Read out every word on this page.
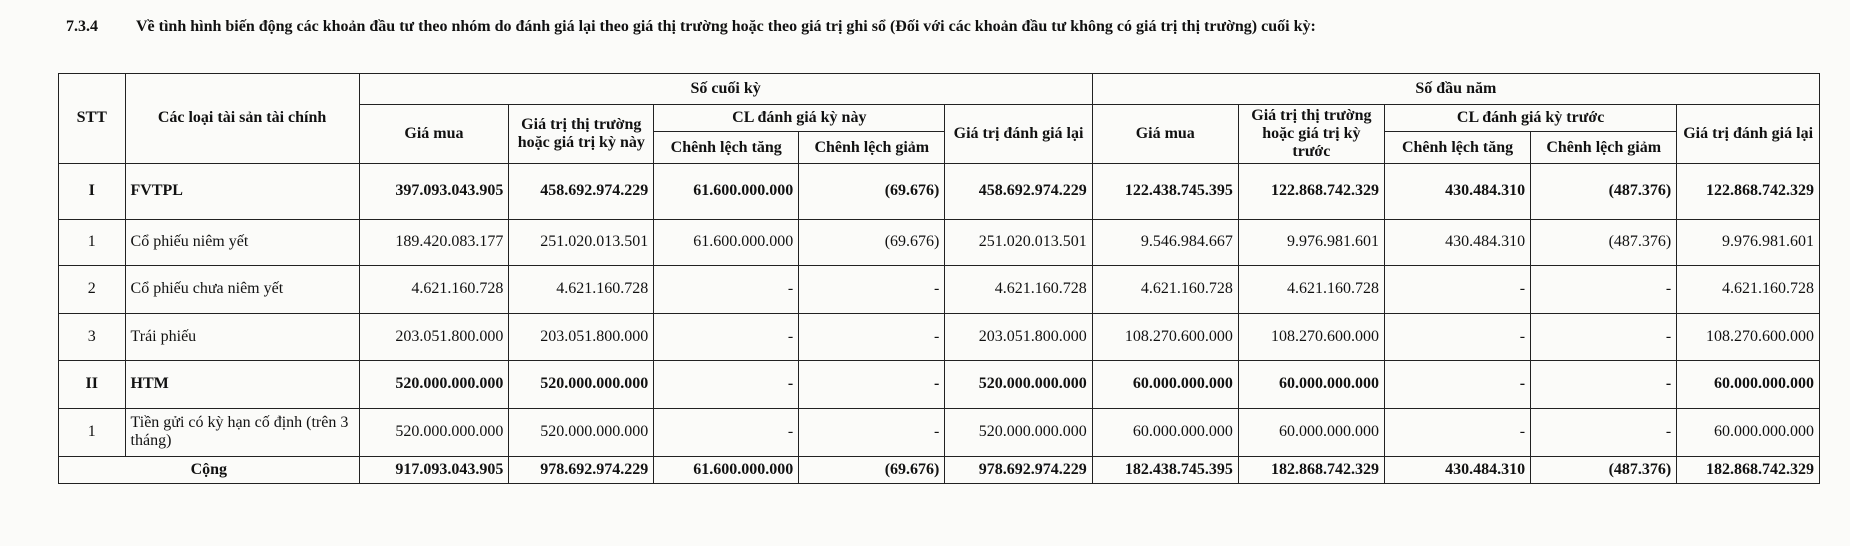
7.3.4 Về tình hình biến động các khoản đầu tư theo nhóm do đánh giá lại theo giá thị trường hoặc theo giá trị ghi sổ (Đối với các khoản đầu tư không có giá trị thị trường) cuối kỳ:
STT	Các loại tài sản tài chính	Số cuối kỳ					Số đầu năm				
		Giá mua	Giá trị thị trường hoặc giá trị kỳ này	CL đánh giá kỳ này		Giá trị đánh giá lại	Giá mua	Giá trị thị trường hoặc giá trị kỳ trước	CL đánh giá kỳ trước		Giá trị đánh giá lại
				Chênh lệch tăng	Chênh lệch giảm				Chênh lệch tăng	Chênh lệch giảm	
I	FVTPL	397.093.043.905	458.692.974.229	61.600.000.000	(69.676)	458.692.974.229	122.438.745.395	122.868.742.329	430.484.310	(487.376)	122.868.742.329
1	Cổ phiếu niêm yết	189.420.083.177	251.020.013.501	61.600.000.000	(69.676)	251.020.013.501	9.546.984.667	9.976.981.601	430.484.310	(487.376)	9.976.981.601
2	Cổ phiếu chưa niêm yết	4.621.160.728	4.621.160.728	-	-	4.621.160.728	4.621.160.728	4.621.160.728	-	-	4.621.160.728
3	Trái phiếu	203.051.800.000	203.051.800.000	-	-	203.051.800.000	108.270.600.000	108.270.600.000	-	-	108.270.600.000
II	HTM	520.000.000.000	520.000.000.000	-	-	520.000.000.000	60.000.000.000	60.000.000.000	-	-	60.000.000.000
1	Tiền gửi có kỳ hạn cố định (trên 3 tháng)	520.000.000.000	520.000.000.000	-	-	520.000.000.000	60.000.000.000	60.000.000.000	-	-	60.000.000.000
Cộng		917.093.043.905	978.692.974.229	61.600.000.000	(69.676)	978.692.974.229	182.438.745.395	182.868.742.329	430.484.310	(487.376)	182.868.742.329
